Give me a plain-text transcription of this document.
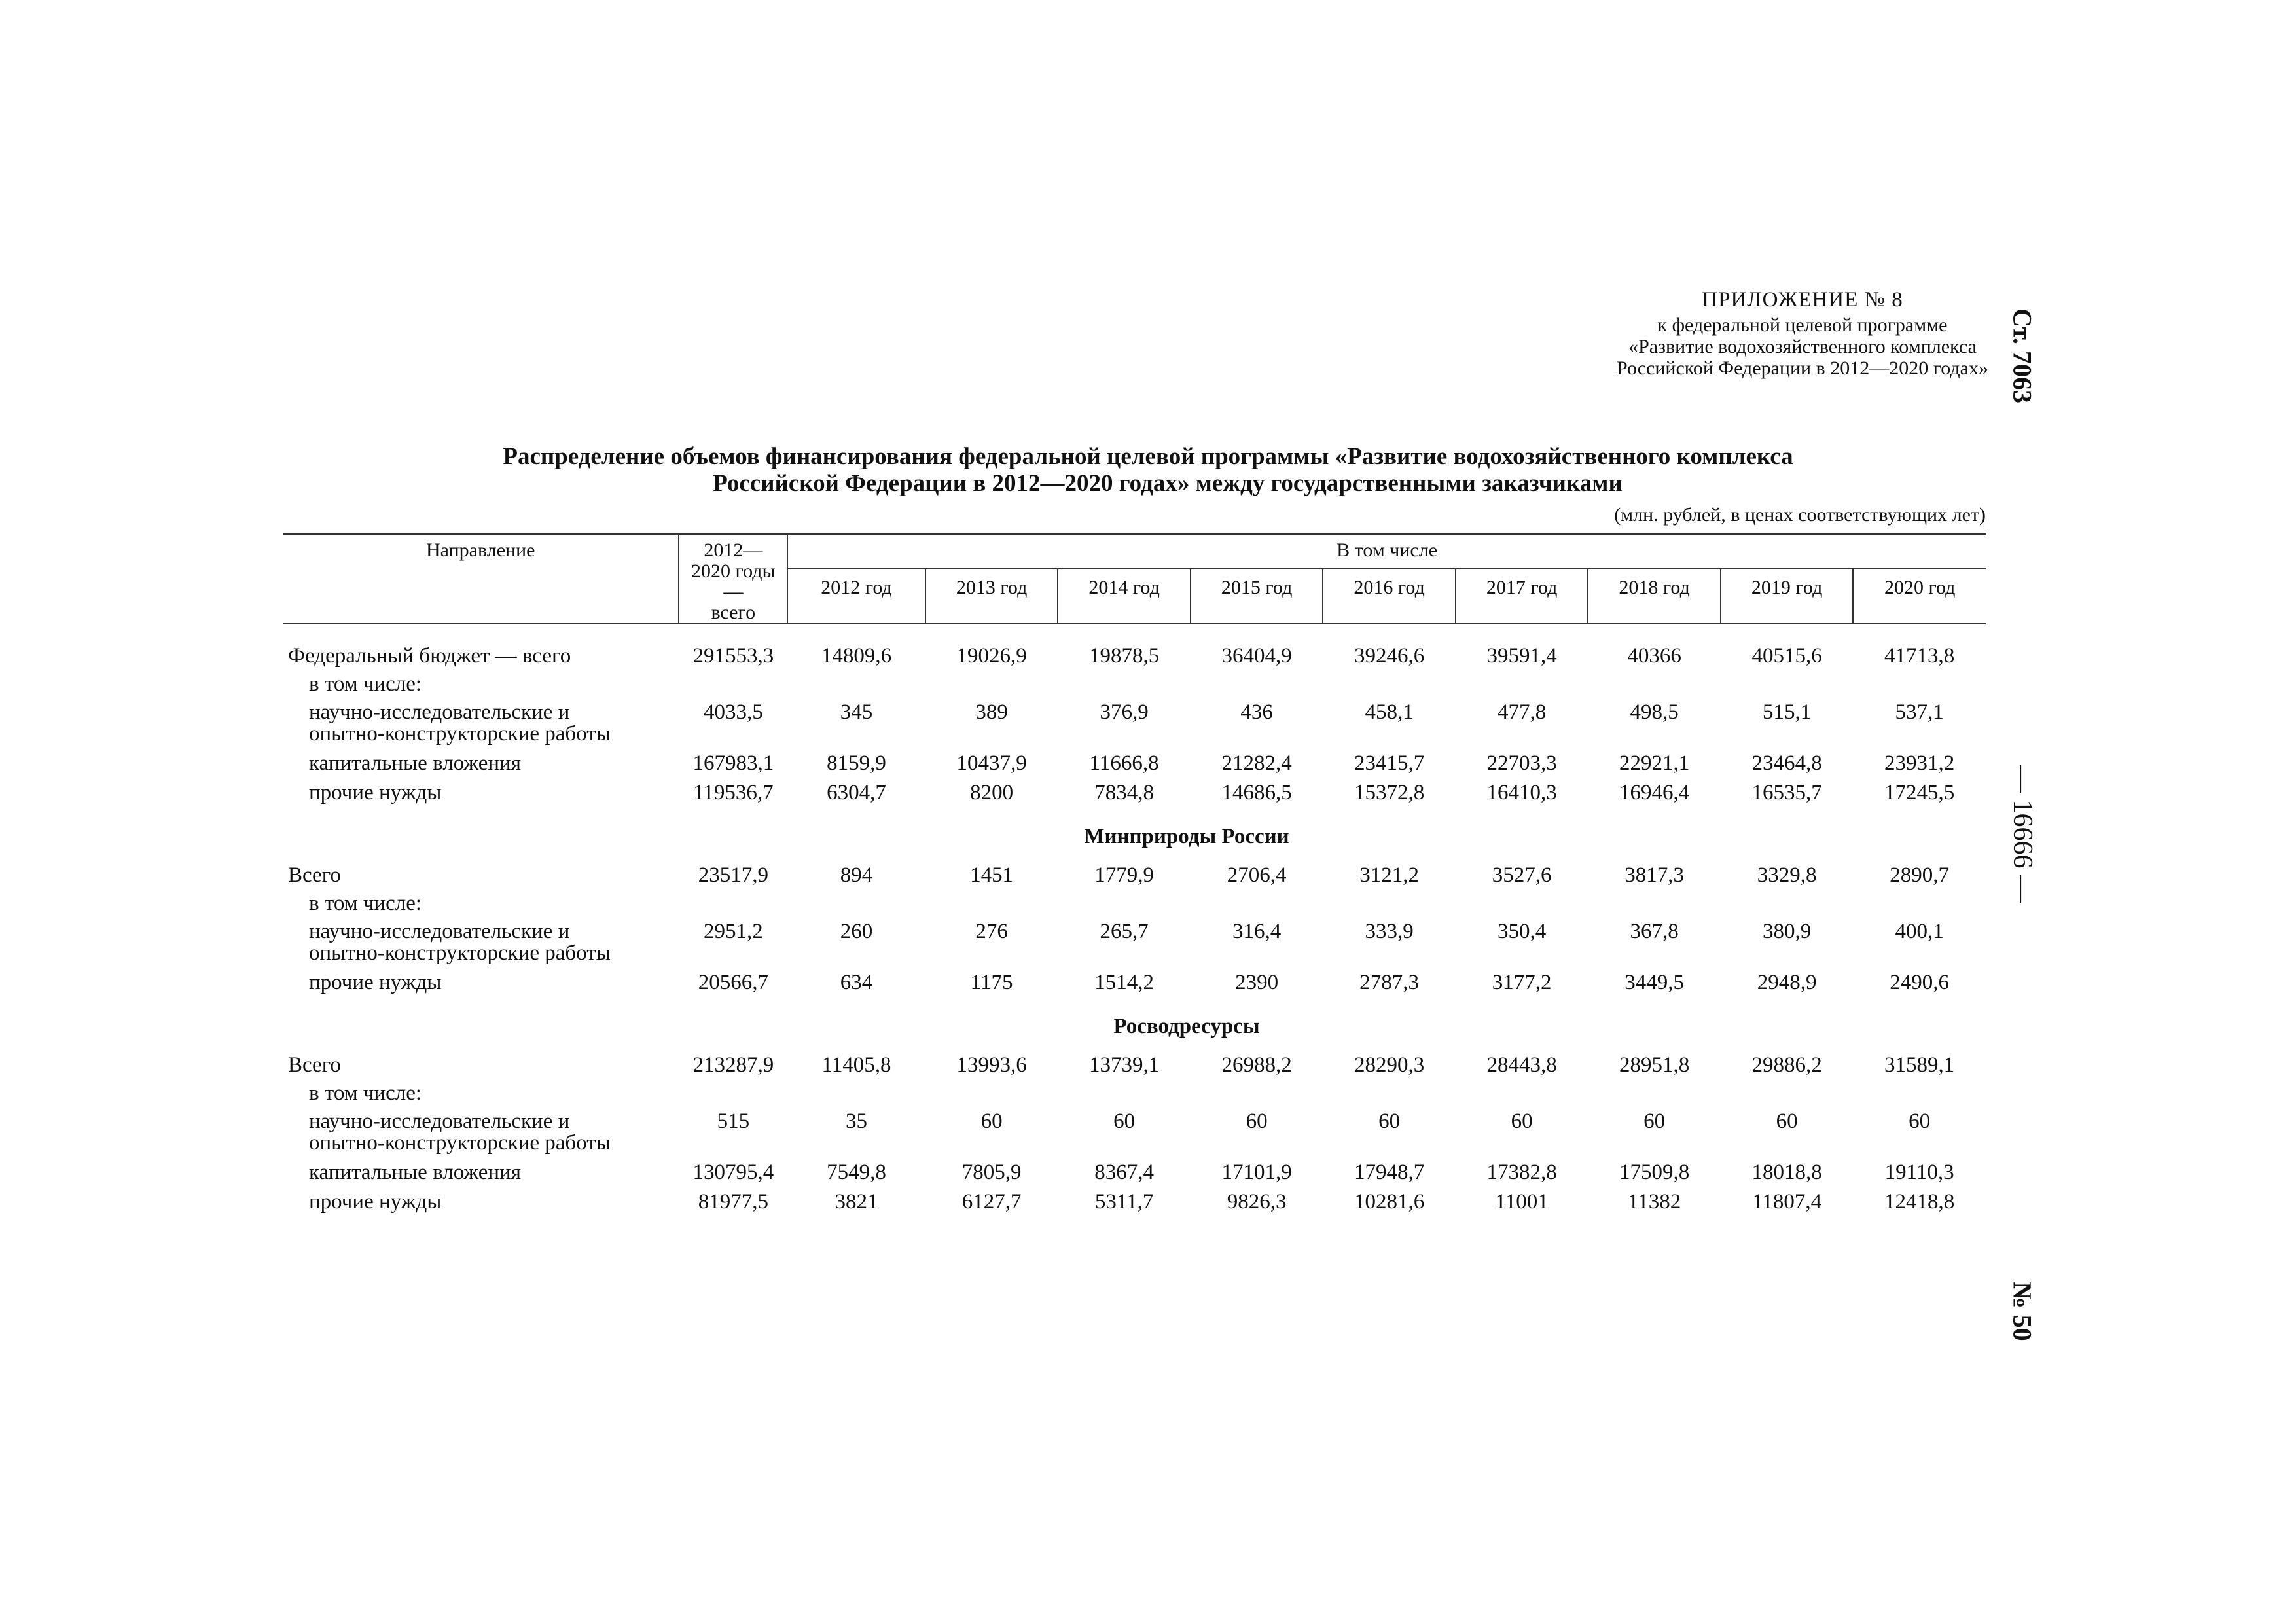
ПРИЛОЖЕНИЕ № 8
к федеральной целевой программе
«Развитие водохозяйственного комплекса
Российской Федерации в 2012—2020 годах» Ст. 7063
— 16666 —
№ 50
Распределение объемов финансирования федеральной целевой программы «Развитие водохозяйственного комплекса
Российской Федерации в 2012—2020 годах» между государственными заказчиками
(млн. рублей, в ценах соответствующих лет)
Направление	2012—
2020 годы —
всего	В том числе								
		2012 год	2013 год	2014 год	2015 год	2016 год	2017 год	2018 год	2019 год	2020 год

Федеральный бюджет — всего	291553,3	14809,6	19026,9	19878,5	36404,9	39246,6	39591,4	40366	40515,6	41713,8
в том числе:										

научно-исследовательские и
опытно-конструкторские работы	4033,5	345	389	376,9	436	458,1	477,8	498,5	515,1	537,1
капитальные вложения	167983,1	8159,9	10437,9	11666,8	21282,4	23415,7	22703,3	22921,1	23464,8	23931,2
прочие нужды	119536,7	6304,7	8200	7834,8	14686,5	15372,8	16410,3	16946,4	16535,7	17245,5
Минприроды России										
Всего	23517,9	894	1451	1779,9	2706,4	3121,2	3527,6	3817,3	3329,8	2890,7
в том числе:										

научно-исследовательские и
опытно-конструкторские работы	2951,2	260	276	265,7	316,4	333,9	350,4	367,8	380,9	400,1
прочие нужды	20566,7	634	1175	1514,2	2390	2787,3	3177,2	3449,5	2948,9	2490,6
Росводресурсы										
Всего	213287,9	11405,8	13993,6	13739,1	26988,2	28290,3	28443,8	28951,8	29886,2	31589,1
в том числе:										

научно-исследовательские и
опытно-конструкторские работы	515	35	60	60	60	60	60	60	60	60
капитальные вложения	130795,4	7549,8	7805,9	8367,4	17101,9	17948,7	17382,8	17509,8	18018,8	19110,3
прочие нужды	81977,5	3821	6127,7	5311,7	9826,3	10281,6	11001	11382	11807,4	12418,8
